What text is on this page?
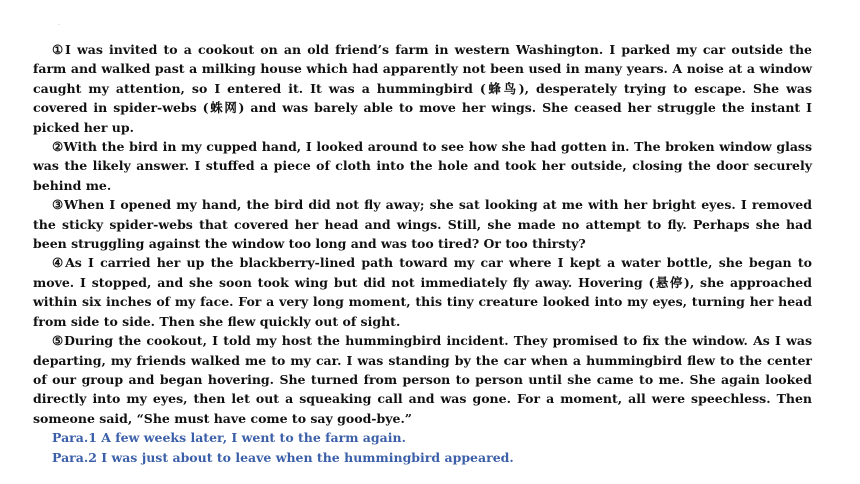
.

①I was invited to a cookout on an old friend’s farm in western Washington. I parked my car outside the farm and walked past a milking house which had apparently not been used in many years. A noise at a window caught my attention, so I entered it. It was a hummingbird (蜂鸟), desperately trying to escape. She was covered in spider-webs (蛛网) and was barely able to move her wings. She ceased her struggle the instant I picked her up.

②With the bird in my cupped hand, I looked around to see how she had gotten in. The broken window glass was the likely answer. I stuffed a piece of cloth into the hole and took her outside, closing the door securely behind me.

③When I opened my hand, the bird did not fly away; she sat looking at me with her bright eyes. I removed the sticky spider-webs that covered her head and wings. Still, she made no attempt to fly. Perhaps she had been struggling against the window too long and was too tired? Or too thirsty?

④As I carried her up the blackberry-lined path toward my car where I kept a water bottle, she began to move. I stopped, and she soon took wing but did not immediately fly away. Hovering (悬停), she approached within six inches of my face. For a very long moment, this tiny creature looked into my eyes, turning her head from side to side. Then she flew quickly out of sight.

⑤During the cookout, I told my host the hummingbird incident. They promised to fix the window. As I was departing, my friends walked me to my car. I was standing by the car when a hummingbird flew to the center of our group and began hovering. She turned from person to person until she came to me. She again looked directly into my eyes, then let out a squeaking call and was gone. For a moment, all were speechless. Then someone said, “She must have come to say good-bye.”

Para.1 A few weeks later, I went to the farm again.

Para.2 I was just about to leave when the hummingbird appeared.
